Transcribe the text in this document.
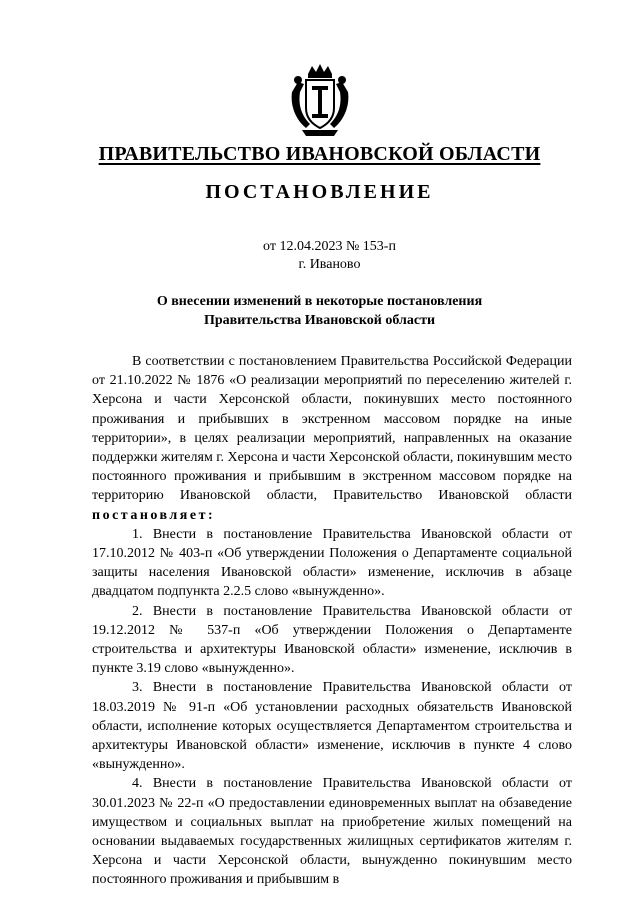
ПРАВИТЕЛЬСТВО ИВАНОВСКОЙ ОБЛАСТИ
ПОСТАНОВЛЕНИЕ
от 12.04.2023 № 153-п
г. Иваново
О внесении изменений в некоторые постановления
Правительства Ивановской области

В соответствии с постановлением Правительства Российской Федерации от 21.10.2022 № 1876 «О реализации мероприятий по переселению жителей г. Херсона и части Херсонской области, покинувших место постоянного проживания и прибывших в экстренном массовом порядке на иные территории», в целях реализации мероприятий, направленных на оказание поддержки жителям г. Херсона и части Херсонской области, покинувшим место постоянного проживания и прибывшим в экстренном массовом порядке на территорию Ивановской области, Правительство Ивановской области постановляет:

1. Внести в постановление Правительства Ивановской области от 17.10.2012 № 403-п «Об утверждении Положения о Департаменте социальной защиты населения Ивановской области» изменение, исключив в абзаце двадцатом подпункта 2.2.5 слово «вынужденно».

2. Внести в постановление Правительства Ивановской области от 19.12.2012 № 537-п «Об утверждении Положения о Департаменте строительства и архитектуры Ивановской области» изменение, исключив в пункте 3.19 слово «вынужденно».

3. Внести в постановление Правительства Ивановской области от 18.03.2019 № 91-п «Об установлении расходных обязательств Ивановской области, исполнение которых осуществляется Департаментом строительства и архитектуры Ивановской области» изменение, исключив в пункте 4 слово «вынужденно».

4. Внести в постановление Правительства Ивановской области от 30.01.2023 № 22-п «О предоставлении единовременных выплат на обзаведение имуществом и социальных выплат на приобретение жилых помещений на основании выдаваемых государственных жилищных сертификатов жителям г. Херсона и части Херсонской области, вынужденно покинувшим место постоянного проживания и прибывшим в
